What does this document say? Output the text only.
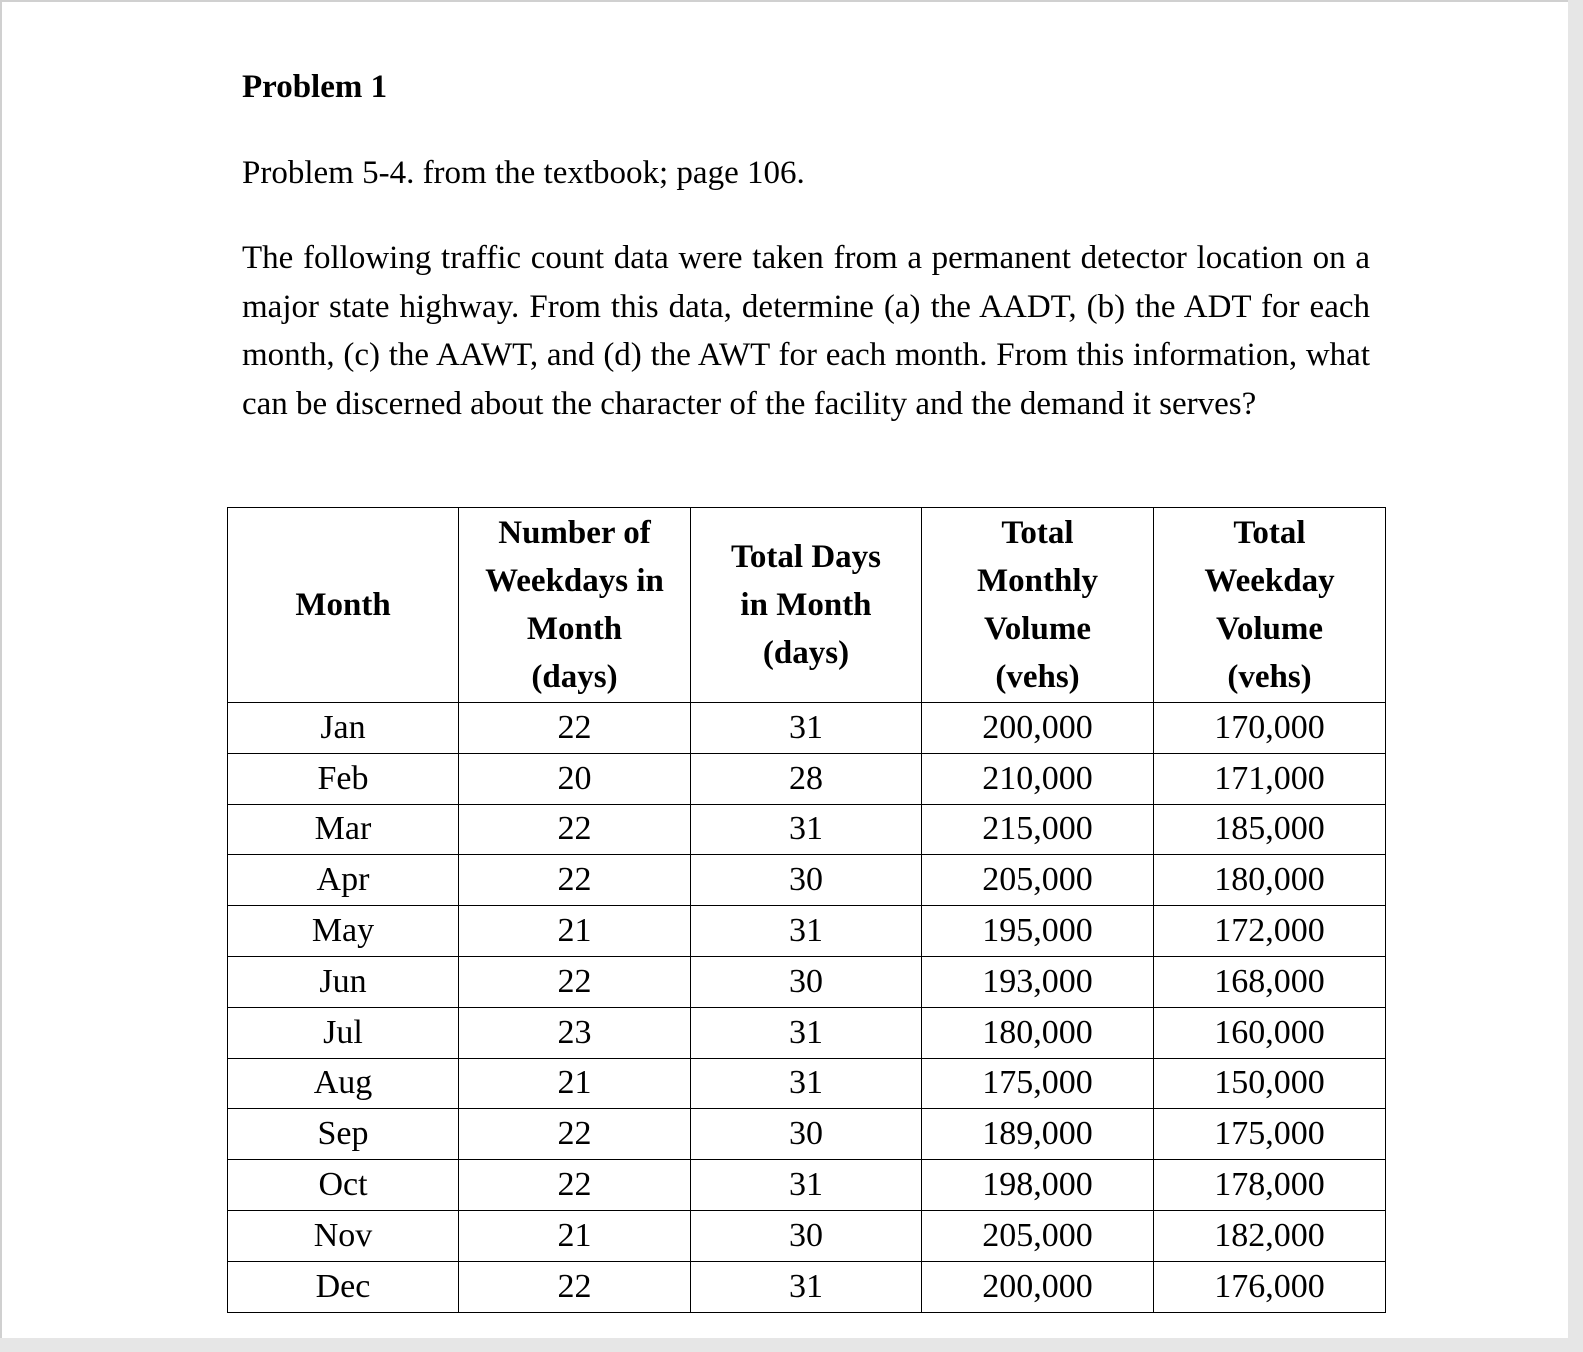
Problem 1

Problem 5-4. from the textbook; page 106.

The following traffic count data were taken from a permanent detector location on a major state highway. From this data, determine (a) the AADT, (b) the ADT for each month, (c) the AAWT, and (d) the AWT for each month. From this information, what can be discerned about the character of the facility and the demand it serves?

Month	Number of
Weekdays in
Month
(days)	Total Days
in Month
(days)	Total
Monthly
Volume
(vehs)	Total
Weekday
Volume
(vehs)
Jan	22	31	200,000	170,000
Feb	20	28	210,000	171,000
Mar	22	31	215,000	185,000
Apr	22	30	205,000	180,000
May	21	31	195,000	172,000
Jun	22	30	193,000	168,000
Jul	23	31	180,000	160,000
Aug	21	31	175,000	150,000
Sep	22	30	189,000	175,000
Oct	22	31	198,000	178,000
Nov	21	30	205,000	182,000
Dec	22	31	200,000	176,000
